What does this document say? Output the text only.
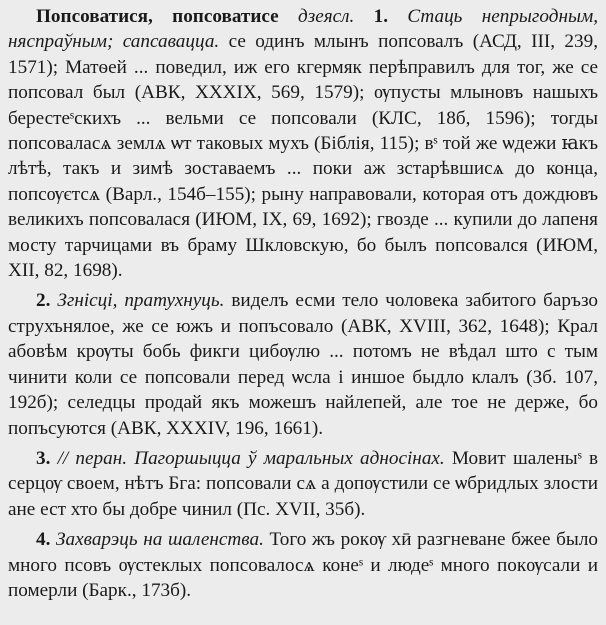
Попсоватися, попсоватисе дзеясл. 1. Стаць непрыгодным, няспраўным; сапсавацца. се одинъ млынъ попсовалъ (АСД, III, 239, 1571); Матѳей ... поведил, иж его кгермяк перѣправилъ для тог, же се попсовал был (АВК, XXXIX, 569, 1579); ѹпусты млыновъ нашыхъ берестеˢскихъ ... вельми се попсовали (КЛС, 18б, 1596); тогды попсоваласѧ землѧ ѡт таковых мухъ (Біблія, 115); вˢ той же ѡдежи ꙗкъ лѣтѣ, такъ и зимѣ зоставаемъ ... поки аж зстарѣвшисѧ до конца, попсѹєтсѧ (Варл., 154б–155); рыну направовали, которая отъ дождювъ великихъ попсовалася (ИЮМ, IX, 69, 1692); гвозде ... купили до лапеня мосту тарчицами въ браму Шкловскую, бо былъ попсовался (ИЮМ, XII, 82, 1698).

2. Згнісці, пратухнуць. виделъ есми тело чоловека забитого баръзо струхънялое, же се южъ и попъсовало (АВК, XVIII, 362, 1648); Крал абовѣм крѹты бобь фикги цибѹлю ... потомъ не вѣдал што с тым чинити коли се попсовали перед ѡсла і иншое быдло клалъ (Зб. 107, 192б); селедцы продай якъ можешъ найлепей, але тое не держе, бо попъсуются (АВК, XXXIV, 196, 1661).

3. // перан. Пагоршыцца ў маральных адносінах. Мовит шаленыˢ в серцѹ своем, нѣтъ Бга: попсовали сѧ а допѹстили се ѡбридлых злости ане ест хто бы добре чинил (Пс. XVII, 35б).

4. Захварэць на шаленства. Того жъ рокѹ хӣ разгневане бжее было много псовъ ѹстеклых попсовалосѧ конеˢ и людеˢ много покѹсали и померли (Барк., 173б).
